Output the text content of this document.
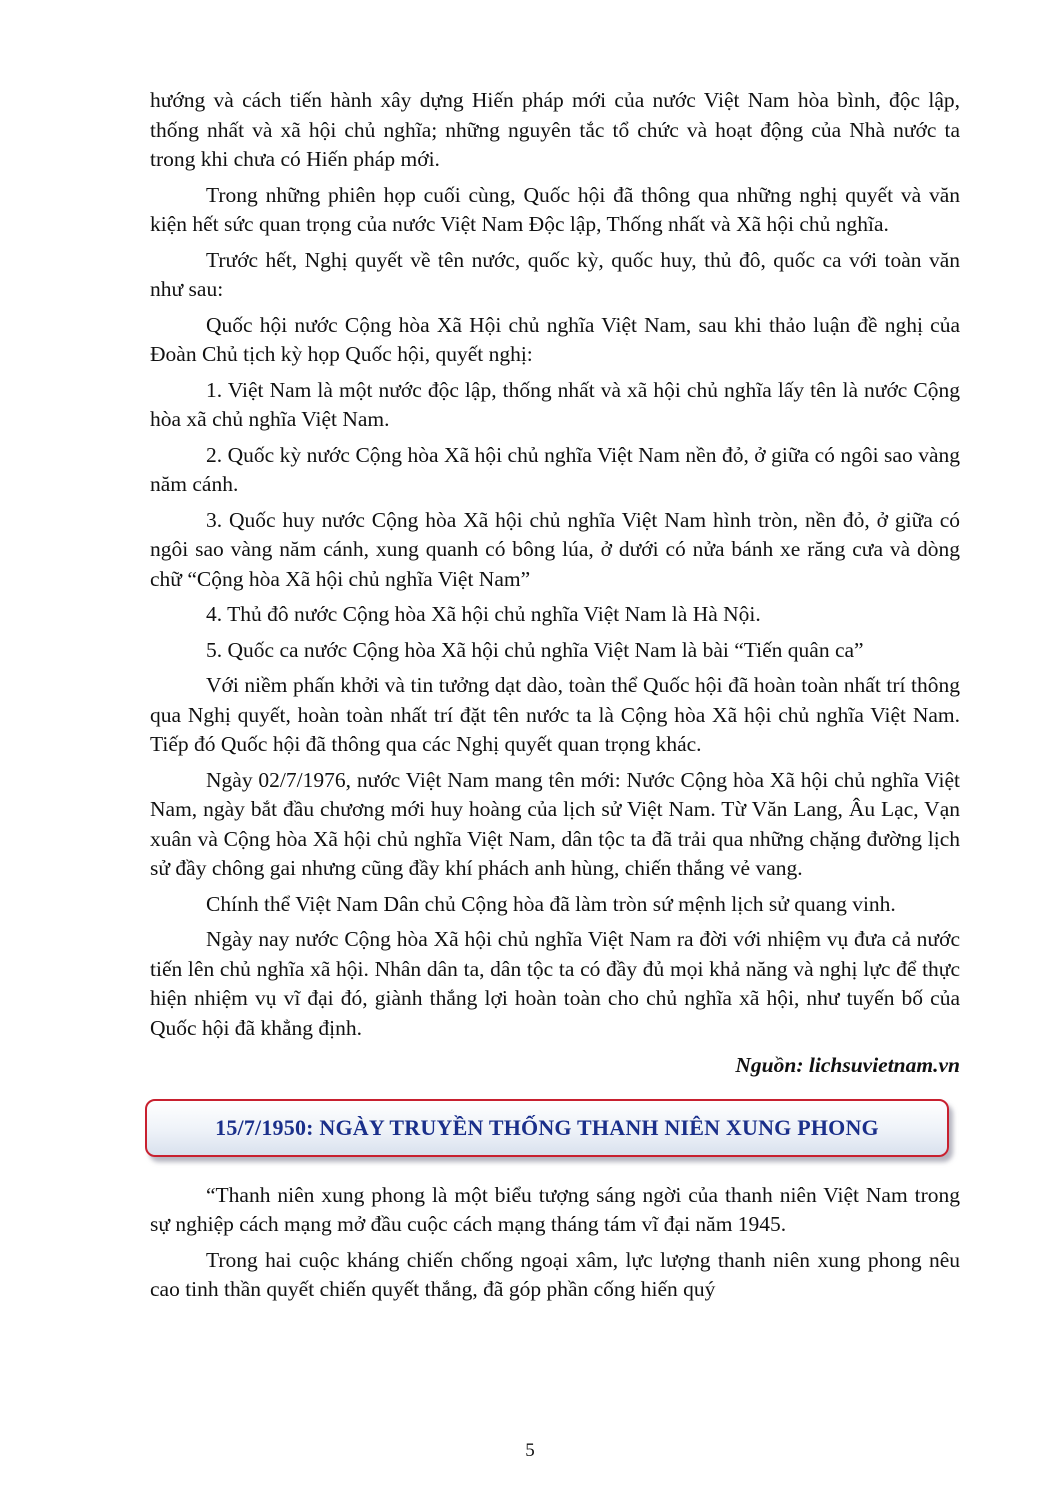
hướng và cách tiến hành xây dựng Hiến pháp mới của nước Việt Nam hòa bình, độc lập, thống nhất và xã hội chủ nghĩa; những nguyên tắc tổ chức và hoạt động của Nhà nước ta trong khi chưa có Hiến pháp mới.

Trong những phiên họp cuối cùng, Quốc hội đã thông qua những nghị quyết và văn kiện hết sức quan trọng của nước Việt Nam Độc lập, Thống nhất và Xã hội chủ nghĩa.

Trước hết, Nghị quyết về tên nước, quốc kỳ, quốc huy, thủ đô, quốc ca với toàn văn như sau:

Quốc hội nước Cộng hòa Xã Hội chủ nghĩa Việt Nam, sau khi thảo luận đề nghị của Đoàn Chủ tịch kỳ họp Quốc hội, quyết nghị:

1. Việt Nam là một nước độc lập, thống nhất và xã hội chủ nghĩa lấy tên là nước Cộng hòa xã chủ nghĩa Việt Nam.

2. Quốc kỳ nước Cộng hòa Xã hội chủ nghĩa Việt Nam nền đỏ, ở giữa có ngôi sao vàng năm cánh.

3. Quốc huy nước Cộng hòa Xã hội chủ nghĩa Việt Nam hình tròn, nền đỏ, ở giữa có ngôi sao vàng năm cánh, xung quanh có bông lúa, ở dưới có nửa bánh xe răng cưa và dòng chữ “Cộng hòa Xã hội chủ nghĩa Việt Nam”

4. Thủ đô nước Cộng hòa Xã hội chủ nghĩa Việt Nam là Hà Nội.

5. Quốc ca nước Cộng hòa Xã hội chủ nghĩa Việt Nam là bài “Tiến quân ca”

Với niềm phấn khởi và tin tưởng dạt dào, toàn thể Quốc hội đã hoàn toàn nhất trí thông qua Nghị quyết, hoàn toàn nhất trí đặt tên nước ta là Cộng hòa Xã hội chủ nghĩa Việt Nam. Tiếp đó Quốc hội đã thông qua các Nghị quyết quan trọng khác.

Ngày 02/7/1976, nước Việt Nam mang tên mới: Nước Cộng hòa Xã hội chủ nghĩa Việt Nam, ngày bắt đầu chương mới huy hoàng của lịch sử Việt Nam. Từ Văn Lang, Âu Lạc, Vạn xuân và Cộng hòa Xã hội chủ nghĩa Việt Nam, dân tộc ta đã trải qua những chặng đường lịch sử đầy chông gai nhưng cũng đầy khí phách anh hùng, chiến thắng vẻ vang.

Chính thể Việt Nam Dân chủ Cộng hòa đã làm tròn sứ mệnh lịch sử quang vinh.

Ngày nay nước Cộng hòa Xã hội chủ nghĩa Việt Nam ra đời với nhiệm vụ đưa cả nước tiến lên chủ nghĩa xã hội. Nhân dân ta, dân tộc ta có đầy đủ mọi khả năng và nghị lực để thực hiện nhiệm vụ vĩ đại đó, giành thắng lợi hoàn toàn cho chủ nghĩa xã hội, như tuyến bố của Quốc hội đã khẳng định.

Nguồn: lichsuvietnam.vn

15/7/1950: NGÀY TRUYỀN THỐNG THANH NIÊN XUNG PHONG

“Thanh niên xung phong là một biểu tượng sáng ngời của thanh niên Việt Nam trong sự nghiệp cách mạng mở đầu cuộc cách mạng tháng tám vĩ đại năm 1945.

Trong hai cuộc kháng chiến chống ngoại xâm, lực lượng thanh niên xung phong nêu cao tinh thần quyết chiến quyết thắng, đã góp phần cống hiến quý

5
